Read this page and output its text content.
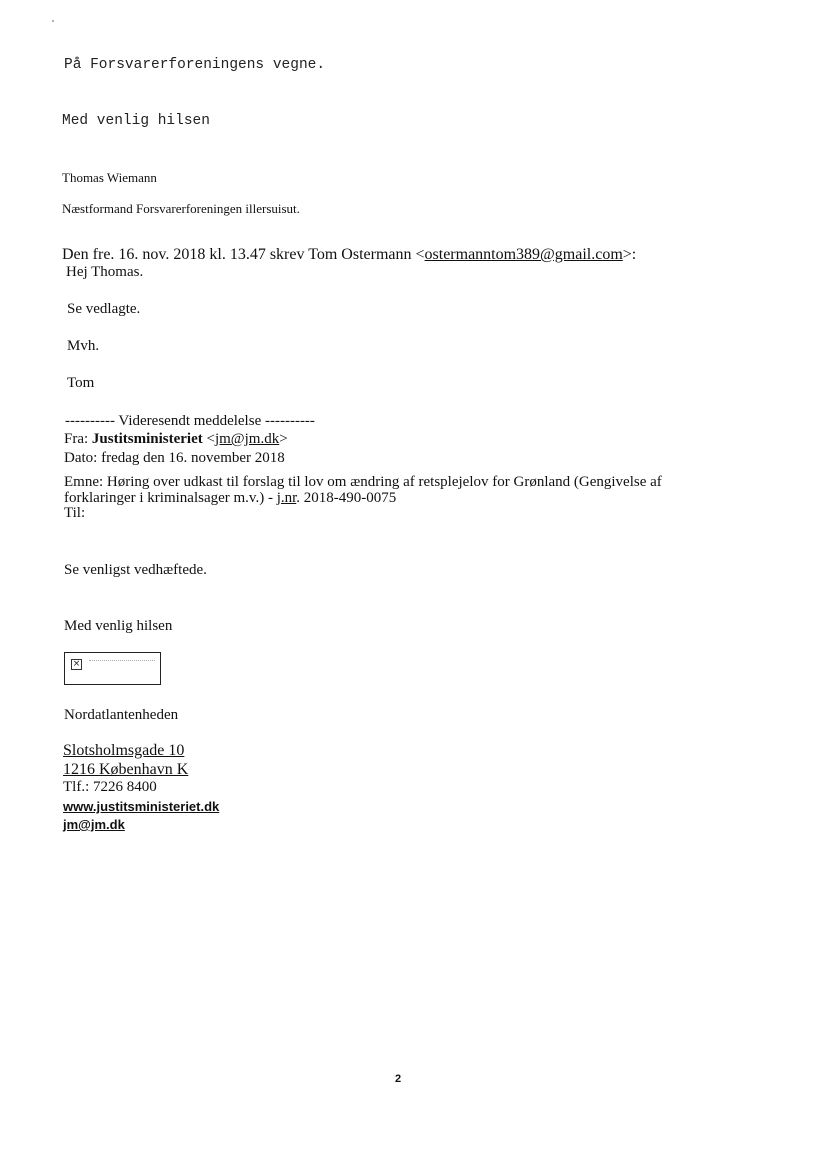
På Forsvarerforeningens vegne.
Med venlig hilsen
Thomas Wiemann
Næstformand Forsvarerforeningen illersuisut.
Den fre. 16. nov. 2018 kl. 13.47 skrev Tom Ostermann <ostermanntom389@gmail.com>:
Hej Thomas.
Se vedlagte.
Mvh.
Tom
---------- Videresendt meddelelse ----------
Fra: Justitsministeriet <jm@jm.dk>
Dato: fredag den 16. november 2018
Emne: Høring over udkast til forslag til lov om ændring af retsplejelov for Grønland (Gengivelse af
forklaringer i kriminalsager m.v.) - j.nr. 2018-490-0075
Til:
Se venligst vedhæftede.
Med venlig hilsen
×
Nordatlantenheden
Slotsholmsgade 10
1216 København K
Tlf.: 7226 8400
www.justitsministeriet.dk
jm@jm.dk
2
